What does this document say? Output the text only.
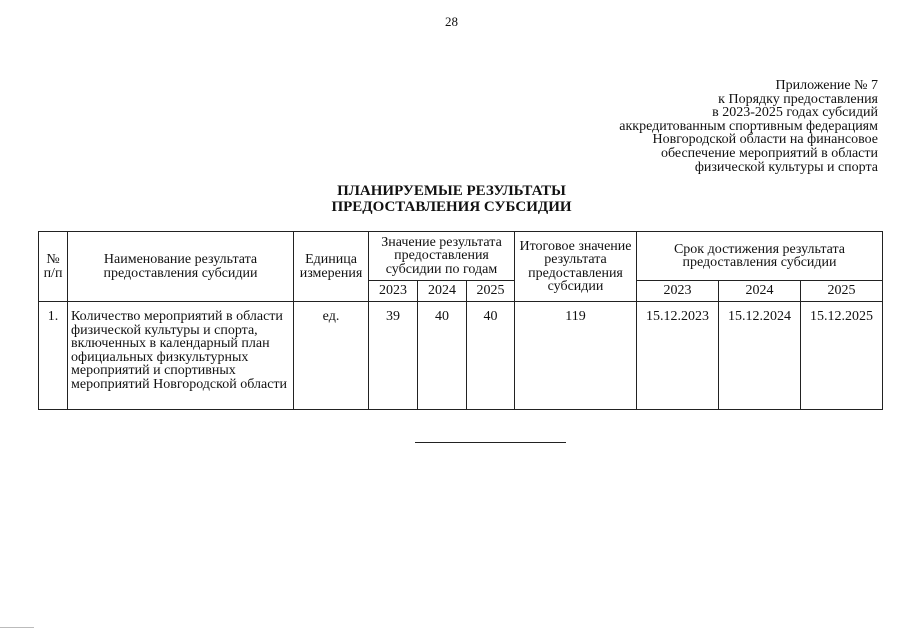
28
Приложение № 7
к Порядку предоставления
в 2023-2025 годах субсидий
аккредитованным спортивным федерациям
Новгородской области на финансовое
обеспечение мероприятий в области
физической культуры и спорта
ПЛАНИРУЕМЫЕ РЕЗУЛЬТАТЫ
ПРЕДОСТАВЛЕНИЯ СУБСИДИИ
№ п/п	Наименование результата предоставления субсидии	Единица измерения	Значение результата предоставления субсидии по годам			Итоговое значение результата предоставления субсидии	Срок достижения результата предоставления субсидии		
			2023	2024	2025		2023	2024	2025
1.	Количество мероприятий в области физической культуры и спорта, включенных в календарный план официальных физкультурных мероприятий и спортивных мероприятий Новгородской области	ед.	39	40	40	119	15.12.2023	15.12.2024	15.12.2025
